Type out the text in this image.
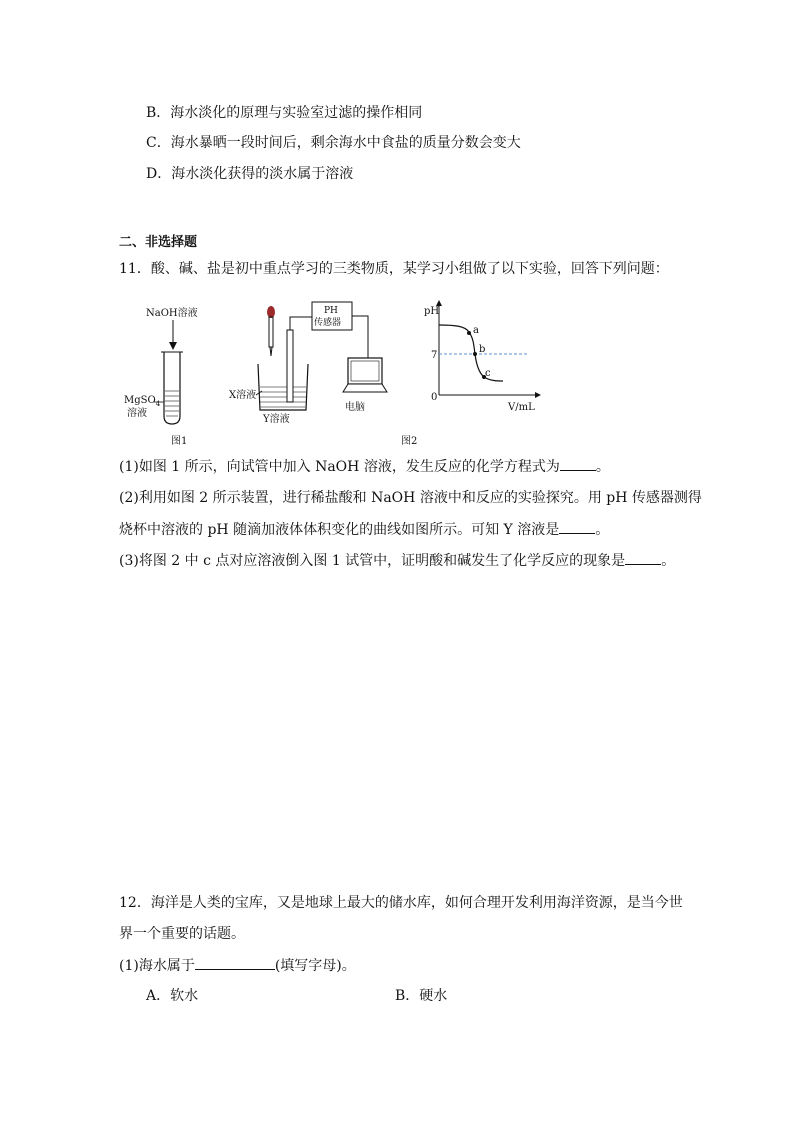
B．海水淡化的原理与实验室过滤的操作相同
C．海水暴晒一段时间后，剩余海水中食盐的质量分数会变大
D．海水淡化获得的淡水属于溶液
二、非选择题
11．酸、碱、盐是初中重点学习的三类物质，某学习小组做了以下实验，回答下列问题：
NaOH溶液
MgSO$_4$
溶液
图1
PH
传感器
电脑
X溶液
Y溶液
图2
pH
V/mL
0
7
a
b
c
(1)如图 1 所示，向试管中加入 NaOH 溶液，发生反应的化学方程式为	。
(2)利用如图 2 所示装置，进行稀盐酸和 NaOH 溶液中和反应的实验探究。用 pH 传感器测得
烧杯中溶液的 pH 随滴加液体体积变化的曲线如图所示。可知 Y 溶液是	。
(3)将图 2 中 c 点对应溶液倒入图 1 试管中，证明酸和碱发生了化学反应的现象是	。
12．海洋是人类的宝库，又是地球上最大的储水库，如何合理开发利用海洋资源，是当今世
界一个重要的话题。
(1)海水属于	(填写字母)。
A．软水	B．硬水
